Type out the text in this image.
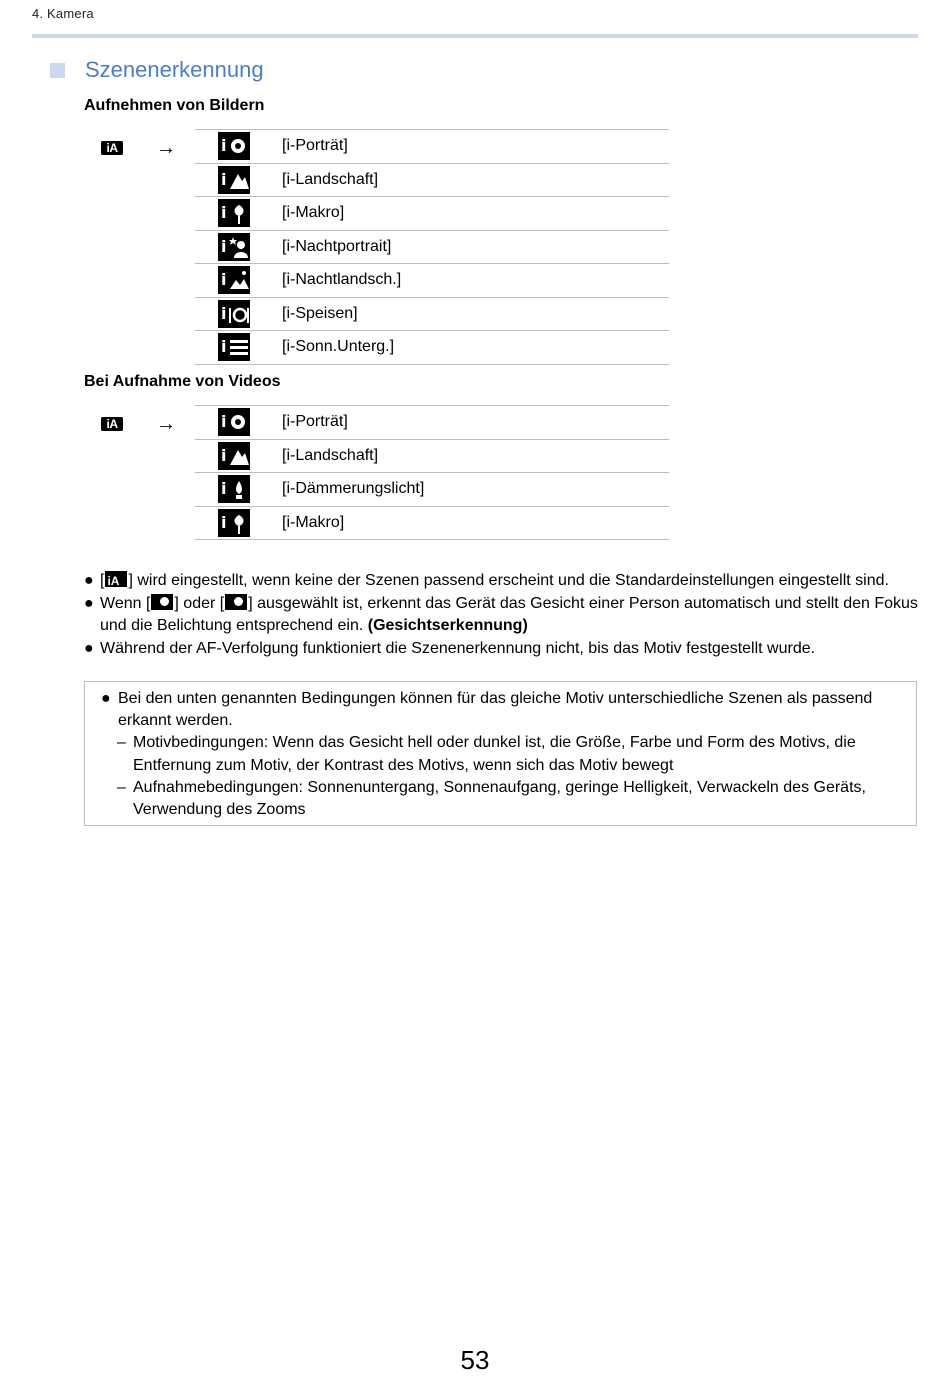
4. Kamera
Szenenerkennung
Aufnehmen von Bildern
iA →	i	[i-Porträt]
i	[i-Landschaft]
i	[i-Makro]
i	[i-Nachtportrait]
i	[i-Nachtlandsch.]
i	[i-Speisen]
i	[i-Sonn.Unterg.]
Bei Aufnahme von Videos
iA →	i	[i-Porträt]
i	[i-Landschaft]
i	[i-Dämmerungslicht]
i	[i-Makro]
● [iA ] wird eingestellt, wenn keine der Szenen passend erscheint und die Standardeinstellungen eingestellt sind.
● Wenn [ ] oder [ ] ausgewählt ist, erkennt das Gerät das Gesicht einer Person automatisch und stellt den Fokus und die Belichtung entsprechend ein. (Gesichtserkennung)
● Während der AF-Verfolgung funktioniert die Szenenerkennung nicht, bis das Motiv festgestellt wurde.
● Bei den unten genannten Bedingungen können für das gleiche Motiv unterschiedliche Szenen als passend erkannt werden.
– Motivbedingungen: Wenn das Gesicht hell oder dunkel ist, die Größe, Farbe und Form des Motivs, die Entfernung zum Motiv, der Kontrast des Motivs, wenn sich das Motiv bewegt
– Aufnahmebedingungen: Sonnenuntergang, Sonnenaufgang, geringe Helligkeit, Verwackeln des Geräts, Verwendung des Zooms
53
